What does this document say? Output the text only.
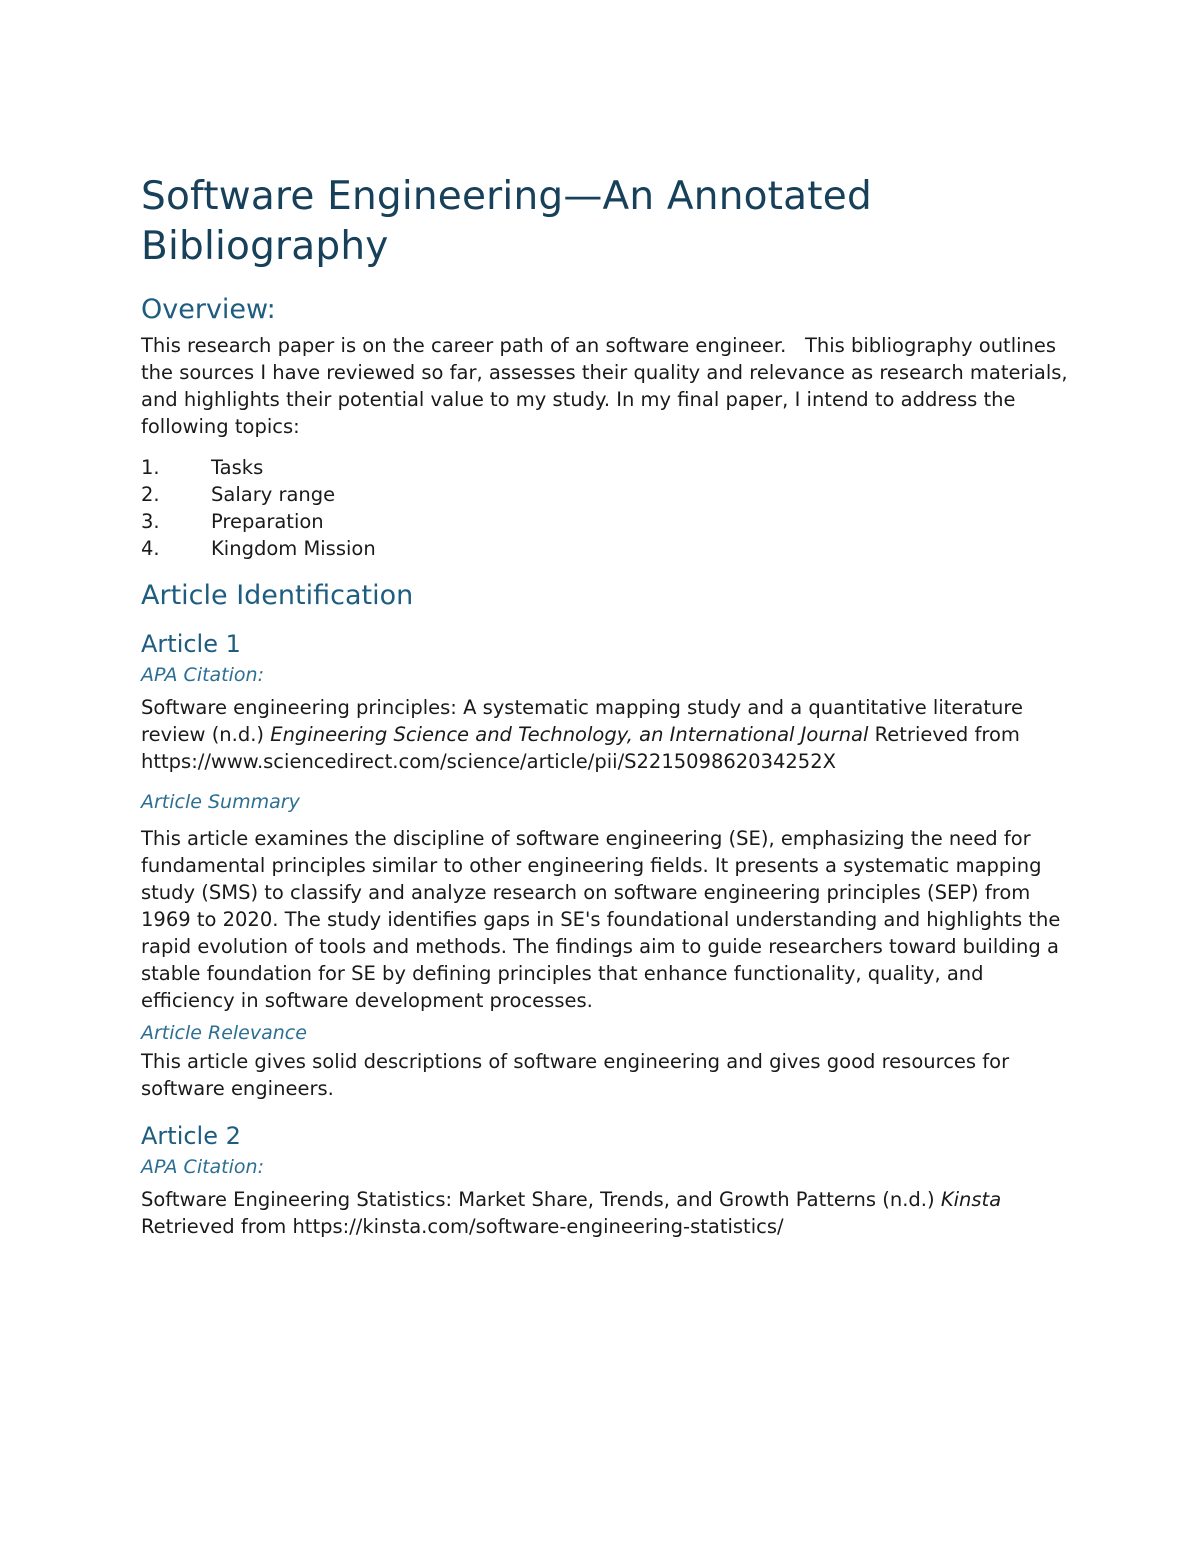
Software Engineering—An Annotated Bibliography
Overview:

This research paper is on the career path of an software engineer.   This bibliography outlines the sources I have reviewed so far, assesses their quality and relevance as research materials, and highlights their potential value to my study. In my final paper, I intend to address the following topics:

1.	Tasks
2.	Salary range
3.	Preparation
4.	Kingdom Mission
Article Identification
Article 1
APA Citation:

Software engineering principles: A systematic mapping study and a quantitative literature review (n.d.) Engineering Science and Technology, an International Journal Retrieved from https://www.sciencedirect.com/science/article/pii/S221509862034252X

Article Summary

This article examines the discipline of software engineering (SE), emphasizing the need for fundamental principles similar to other engineering fields. It presents a systematic mapping study (SMS) to classify and analyze research on software engineering principles (SEP) from 1969 to 2020. The study identifies gaps in SE's foundational understanding and highlights the rapid evolution of tools and methods. The findings aim to guide researchers toward building a stable foundation for SE by defining principles that enhance functionality, quality, and efficiency in software development processes.

Article Relevance

This article gives solid descriptions of software engineering and gives good resources for software engineers.

Article 2
APA Citation:

Software Engineering Statistics: Market Share, Trends, and Growth Patterns (n.d.) Kinsta Retrieved from https://kinsta.com/software-engineering-statistics/
